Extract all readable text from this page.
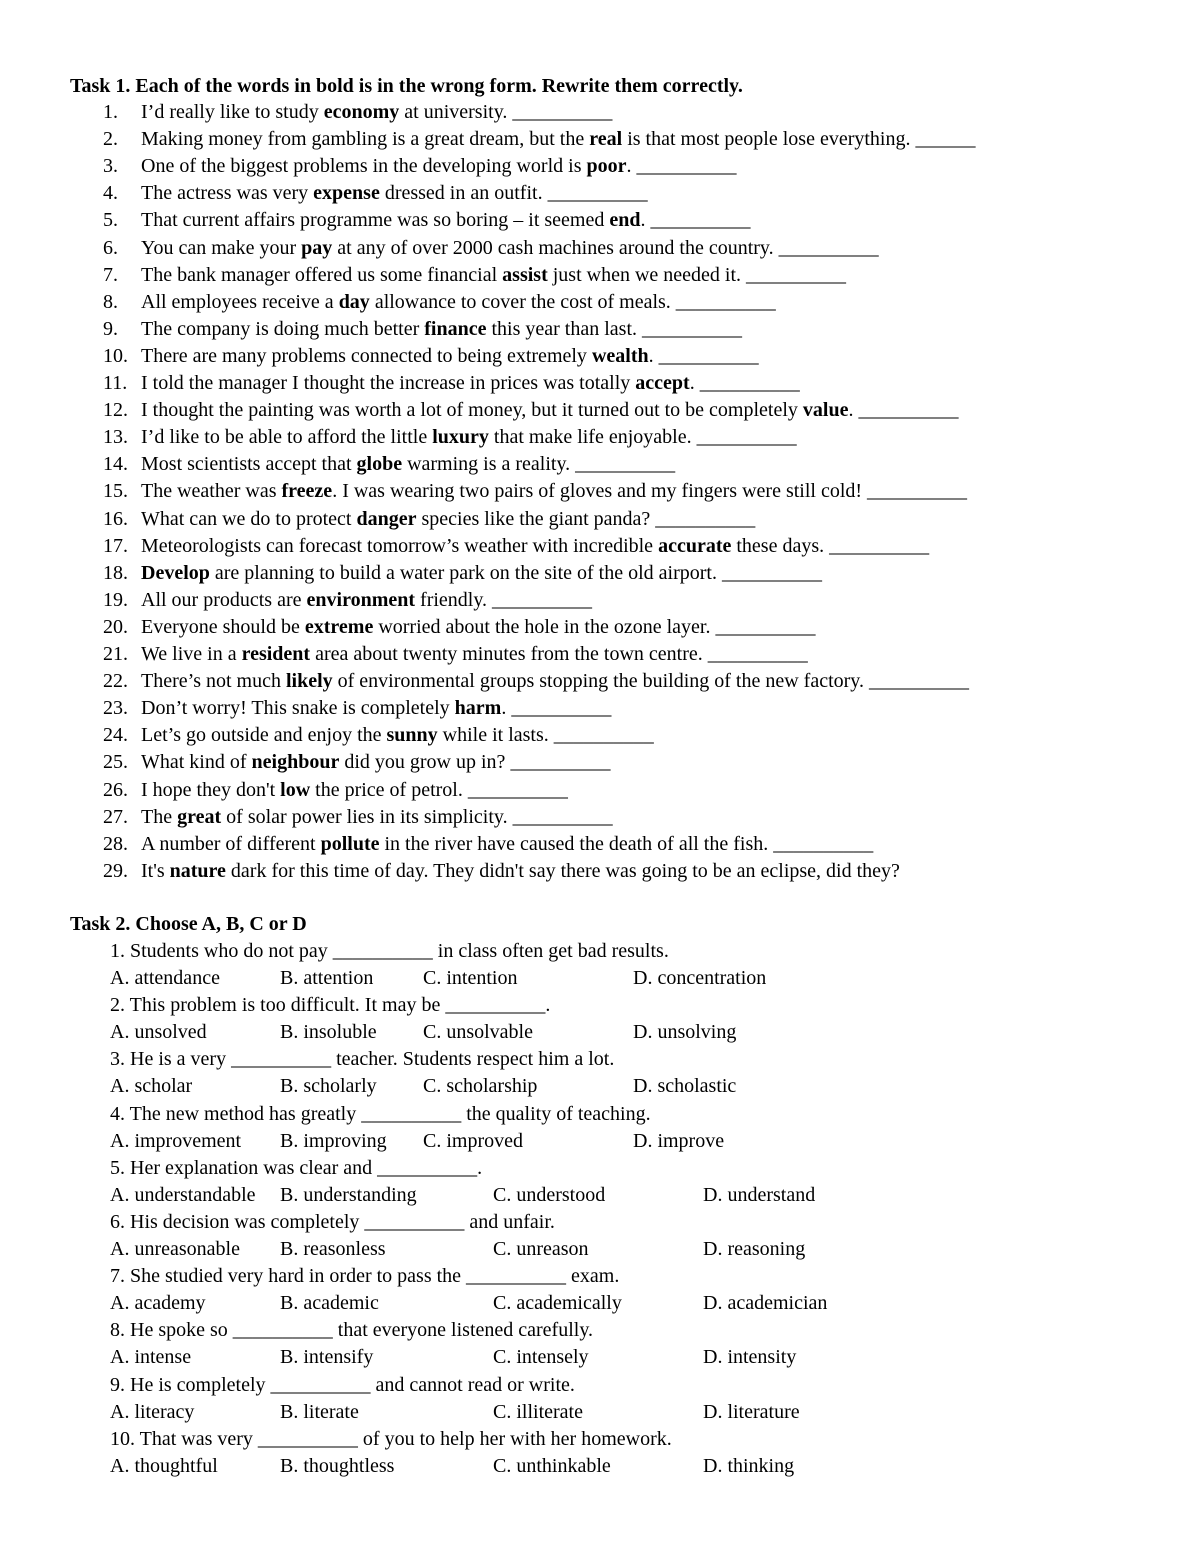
Task 1. Each of the words in bold is in the wrong form. Rewrite them correctly.
1. I’d really like to study economy at university. __________
2. Making money from gambling is a great dream, but the real is that most people lose everything. ______
3. One of the biggest problems in the developing world is poor. __________
4. The actress was very expense dressed in an outfit. __________
5. That current affairs programme was so boring – it seemed end. __________
6. You can make your pay at any of over 2000 cash machines around the country. __________
7. The bank manager offered us some financial assist just when we needed it. __________
8. All employees receive a day allowance to cover the cost of meals. __________
9. The company is doing much better finance this year than last. __________
10. There are many problems connected to being extremely wealth. __________
11. I told the manager I thought the increase in prices was totally accept. __________
12. I thought the painting was worth a lot of money, but it turned out to be completely value. __________
13. I’d like to be able to afford the little luxury that make life enjoyable. __________
14. Most scientists accept that globe warming is a reality. __________
15. The weather was freeze. I was wearing two pairs of gloves and my fingers were still cold! __________
16. What can we do to protect danger species like the giant panda? __________
17. Meteorologists can forecast tomorrow’s weather with incredible accurate these days. __________
18. Develop are planning to build a water park on the site of the old airport. __________
19. All our products are environment friendly. __________
20. Everyone should be extreme worried about the hole in the ozone layer. __________
21. We live in a resident area about twenty minutes from the town centre. __________
22. There’s not much likely of environmental groups stopping the building of the new factory. __________
23. Don’t worry! This snake is completely harm. __________
24. Let’s go outside and enjoy the sunny while it lasts. __________
25. What kind of neighbour did you grow up in? __________
26. I hope they don't low the price of petrol. __________
27. The great of solar power lies in its simplicity. __________
28. A number of different pollute in the river have caused the death of all the fish. __________
29. It's nature dark for this time of day. They didn't say there was going to be an eclipse, did they?
Task 2. Choose A, B, C or D
1. Students who do not pay __________ in class often get bad results.
A. attendance	B. attention C. intention	D. concentration
2. This problem is too difficult. It may be __________.
A. unsolved	B. insoluble C. unsolvable	D. unsolving
3. He is a very __________ teacher. Students respect him a lot.
A. scholar	B. scholarly C. scholarship	D. scholastic
4. The new method has greatly __________ the quality of teaching.
A. improvement B. improving C. improved	D. improve
5. Her explanation was clear and __________.
A. understandable B. understanding	C. understood	D. understand
6. His decision was completely __________ and unfair.
A. unreasonable B. reasonless	C. unreason	D. reasoning
7. She studied very hard in order to pass the __________ exam.
A. academy	B. academic	C. academically	D. academician
8. He spoke so __________ that everyone listened carefully.
A. intense	B. intensify	C. intensely	D. intensity
9. He is completely __________ and cannot read or write.
A. literacy	B. literate	C. illiterate	D. literature
10. That was very __________ of you to help her with her homework.
A. thoughtful	B. thoughtless	C. unthinkable	D. thinking
